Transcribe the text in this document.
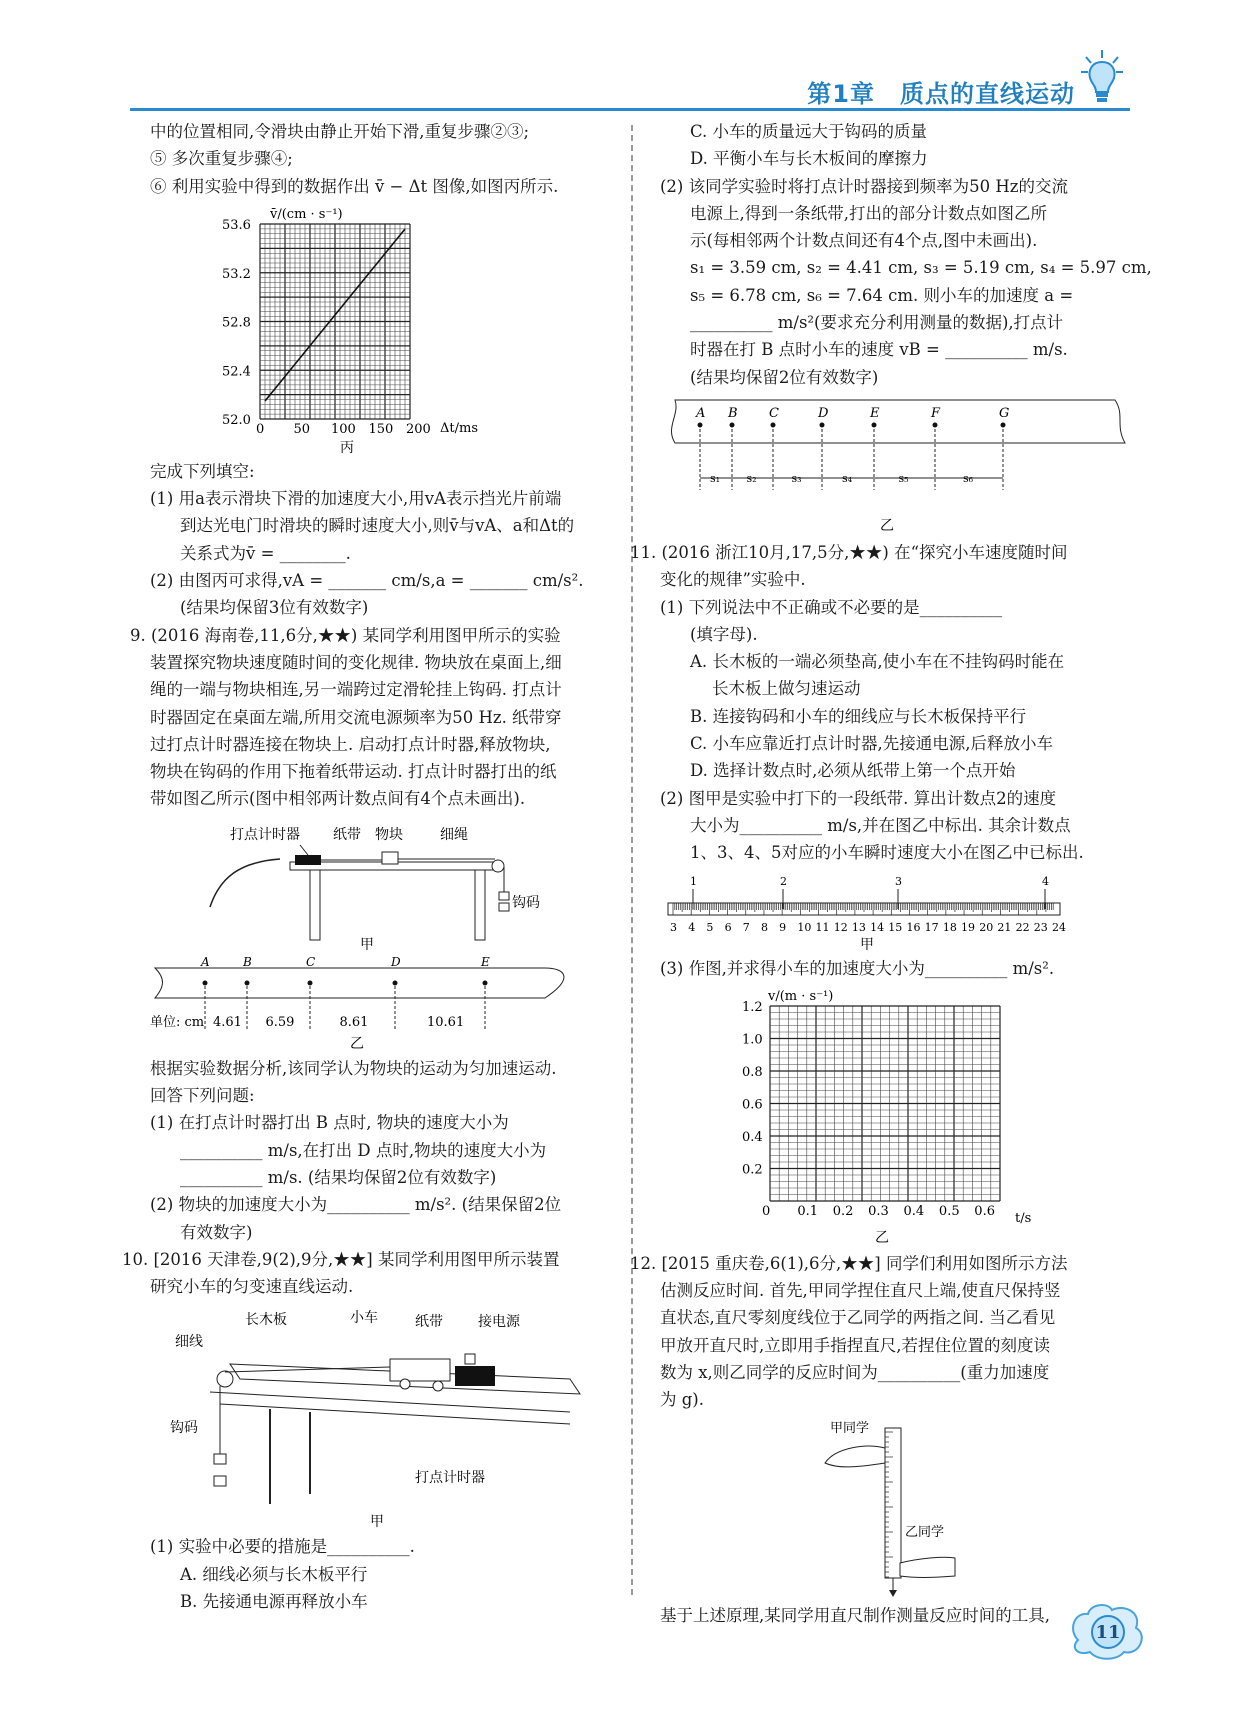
第1章　质点的直线运动

中的位置相同,令滑块由静止开始下滑,重复步骤②③;

⑤ 多次重复步骤④;

⑥ 利用实验中得到的数据作出 v̄ − Δt 图像,如图丙所示.

v̄/(cm · s⁻¹)
Δt/ms
丙
53.6
53.2
52.8
52.4
52.0
0 50 100 150 200

完成下列填空:

(1) 用a表示滑块下滑的加速度大小,用vA表示挡光片前端

到达光电门时滑块的瞬时速度大小,则v̄与vA、a和Δt的

关系式为v̄ = ________.

(2) 由图丙可求得,vA = _______ cm/s,a = _______ cm/s².

(结果均保留3位有效数字)

9. (2016 海南卷,11,6分,★★) 某同学利用图甲所示的实验

装置探究物块速度随时间的变化规律. 物块放在桌面上,细

绳的一端与物块相连,另一端跨过定滑轮挂上钩码. 打点计

时器固定在桌面左端,所用交流电源频率为50 Hz. 纸带穿

过打点计时器连接在物块上. 启动打点计时器,释放物块,

物块在钩码的作用下拖着纸带运动. 打点计时器打出的纸

带如图乙所示(图中相邻两计数点间有4个点未画出).

打点计时器 纸带 物块	细绳
钩码
甲
A	B	C	D	E
4.61 6.59	8.61	10.61
单位: cm
乙

根据实验数据分析,该同学认为物块的运动为匀加速运动.

回答下列问题:

(1) 在打点计时器打出 B 点时, 物块的速度大小为

__________ m/s,在打出 D 点时,物块的速度大小为

__________ m/s. (结果均保留2位有效数字)

(2) 物块的加速度大小为__________ m/s². (结果保留2位

有效数字)

10. [2016 天津卷,9(2),9分,★★] 某同学利用图甲所示装置

研究小车的匀变速直线运动.

长木板	小车	纸带	接电源
细线
钩码
打点计时器
甲

(1) 实验中必要的措施是__________.

A. 细线必须与长木板平行

B. 先接通电源再释放小车

C. 小车的质量远大于钩码的质量

D. 平衡小车与长木板间的摩擦力

(2) 该同学实验时将打点计时器接到频率为50 Hz的交流

电源上,得到一条纸带,打出的部分计数点如图乙所

示(每相邻两个计数点间还有4个点,图中未画出).

s₁ = 3.59 cm, s₂ = 4.41 cm, s₃ = 5.19 cm, s₄ = 5.97 cm,

s₅ = 6.78 cm, s₆ = 7.64 cm. 则小车的加速度 a =

__________ m/s²(要求充分利用测量的数据),打点计

时器在打 B 点时小车的速度 vB = __________ m/s.

(结果均保留2位有效数字)

A B C	D	E	F	G
s₁ s₂	s₃	s₄	s₅	s₆
乙

11. (2016 浙江10月,17,5分,★★) 在“探究小车速度随时间

变化的规律”实验中.

(1) 下列说法中不正确或不必要的是__________

(填字母).

A. 长木板的一端必须垫高,使小车在不挂钩码时能在

长木板上做匀速运动

B. 连接钩码和小车的细线应与长木板保持平行

C. 小车应靠近打点计时器,先接通电源,后释放小车

D. 选择计数点时,必须从纸带上第一个点开始

(2) 图甲是实验中打下的一段纸带. 算出计数点2的速度

大小为__________ m/s,并在图乙中标出. 其余计数点

1、3、4、5对应的小车瞬时速度大小在图乙中已标出.

3 4 5 6 7 8 9 10 11 12 13 14 15 16 17 18 19 20 21 22 23 24
1	2	3	4
甲

(3) 作图,并求得小车的加速度大小为__________ m/s².

v/(m · s⁻¹)
t/s
乙
1.2
1.0
0.8
0.6
0.4
0.2
0 0.1 0.2 0.3 0.4 0.5 0.6

12. [2015 重庆卷,6(1),6分,★★] 同学们利用如图所示方法

估测反应时间. 首先,甲同学捏住直尺上端,使直尺保持竖

直状态,直尺零刻度线位于乙同学的两指之间. 当乙看见

甲放开直尺时,立即用手指捏直尺,若捏住位置的刻度读

数为 x,则乙同学的反应时间为__________(重力加速度

为 g).

甲同学
乙同学

基于上述原理,某同学用直尺制作测量反应时间的工具,

11
